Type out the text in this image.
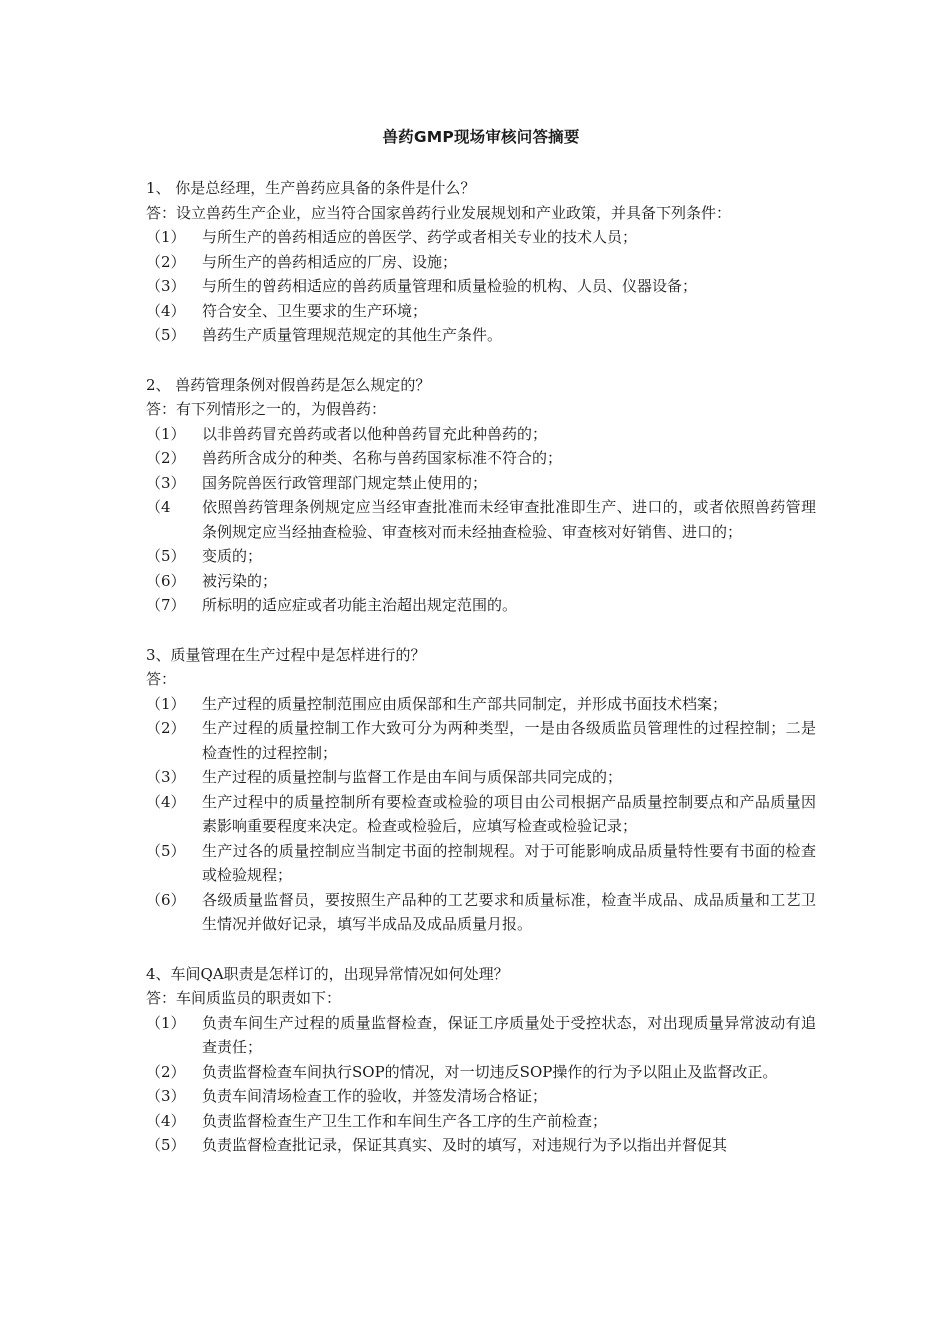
兽药GMP现场审核问答摘要
1、 你是总经理，生产兽药应具备的条件是什么？
答：设立兽药生产企业，应当符合国家兽药行业发展规划和产业政策，并具备下列条件：
（1）	与所生产的兽药相适应的兽医学、药学或者相关专业的技术人员；
（2）	与所生产的兽药相适应的厂房、设施；
（3）	与所生的曾药相适应的兽药质量管理和质量检验的机构、人员、仪器设备；
（4）	符合安全、卫生要求的生产环境；
（5）	兽药生产质量管理规范规定的其他生产条件。
2、 兽药管理条例对假兽药是怎么规定的？
答：有下列情形之一的，为假兽药：
（1）	以非兽药冒充兽药或者以他种兽药冒充此种兽药的；
（2）	兽药所含成分的种类、名称与兽药国家标准不符合的；
（3）	国务院兽医行政管理部门规定禁止使用的；
（4	依照兽药管理条例规定应当经审查批准而未经审查批准即生产、进口的，或者依照兽药管理条例规定应当经抽查检验、审查核对而未经抽查检验、审查核对好销售、进口的；
（5）	变质的；
（6）	被污染的；
（7）	所标明的适应症或者功能主治超出规定范围的。
3、质量管理在生产过程中是怎样进行的？
答：
（1）	生产过程的质量控制范围应由质保部和生产部共同制定，并形成书面技术档案；
（2）	生产过程的质量控制工作大致可分为两种类型，一是由各级质监员管理性的过程控制；二是检查性的过程控制；
（3）	生产过程的质量控制与监督工作是由车间与质保部共同完成的；
（4）	生产过程中的质量控制所有要检查或检验的项目由公司根据产品质量控制要点和产品质量因素影响重要程度来决定。检查或检验后，应填写检查或检验记录；
（5）	生产过各的质量控制应当制定书面的控制规程。对于可能影响成品质量特性要有书面的检查或检验规程；
（6）	各级质量监督员，要按照生产品种的工艺要求和质量标准，检查半成品、成品质量和工艺卫生情况并做好记录，填写半成品及成品质量月报。
4、车间QA职责是怎样订的，出现异常情况如何处理？
答：车间质监员的职责如下：
（1）	负责车间生产过程的质量监督检查，保证工序质量处于受控状态，对出现质量异常波动有追查责任；
（2）	负责监督检查车间执行SOP的情况，对一切违反SOP操作的行为予以阻止及监督改正。
（3）	负责车间清场检查工作的验收，并签发清场合格证；
（4）	负责监督检查生产卫生工作和车间生产各工序的生产前检查；
（5）	负责监督检查批记录，保证其真实、及时的填写，对违规行为予以指出并督促其
